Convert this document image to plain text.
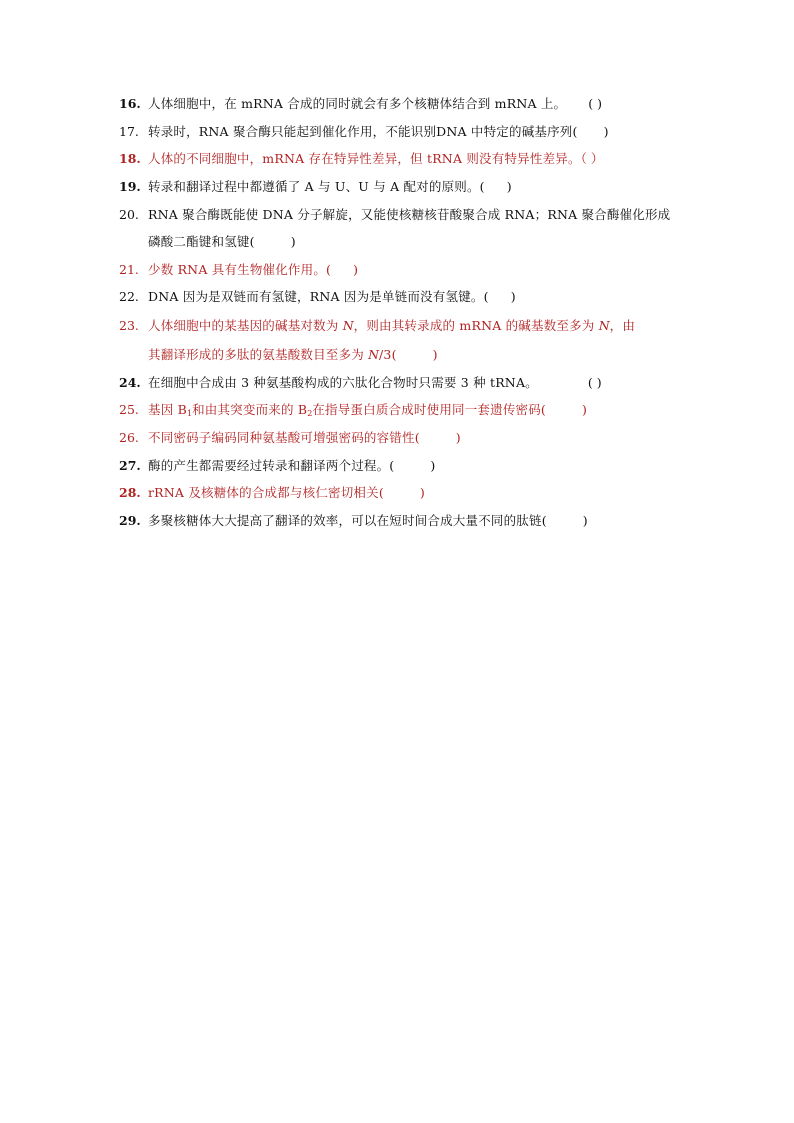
16. 人体细胞中，在 mRNA 合成的同时就会有多个核糖体结合到 mRNA 上。 ( )
17. 转录时，RNA 聚合酶只能起到催化作用，不能识别DNA 中特定的碱基序列( )
18. 人体的不同细胞中，mRNA 存在特异性差异，但 tRNA 则没有特异性差异。（ ）
19. 转录和翻译过程中都遵循了 A 与 U、U 与 A 配对的原则。( )
20. RNA 聚合酶既能使 DNA 分子解旋，又能使核糖核苷酸聚合成 RNA；RNA 聚合酶催化形成
磷酸二酯键和氢键(	)
21. 少数 RNA 具有生物催化作用。( )
22. DNA 因为是双链而有氢键，RNA 因为是单链而没有氢键。( )
23. 人体细胞中的某基因的碱基对数为 N，则由其转录成的 mRNA 的碱基数至多为 N，由
其翻译形成的多肽的氨基酸数目至多为 N/3(	)
24. 在细胞中合成由 3 种氨基酸构成的六肽化合物时只需要 3 种 tRNA。	( )
25. 基因 $B_1$和由其突变而来的 $B_2$在指导蛋白质合成时使用同一套遗传密码(	)
26. 不同密码子编码同种氨基酸可增强密码的容错性(	)
27. 酶的产生都需要经过转录和翻译两个过程。(	)
28. rRNA 及核糖体的合成都与核仁密切相关(	)
29. 多聚核糖体大大提高了翻译的效率，可以在短时间合成大量不同的肽链(	)
